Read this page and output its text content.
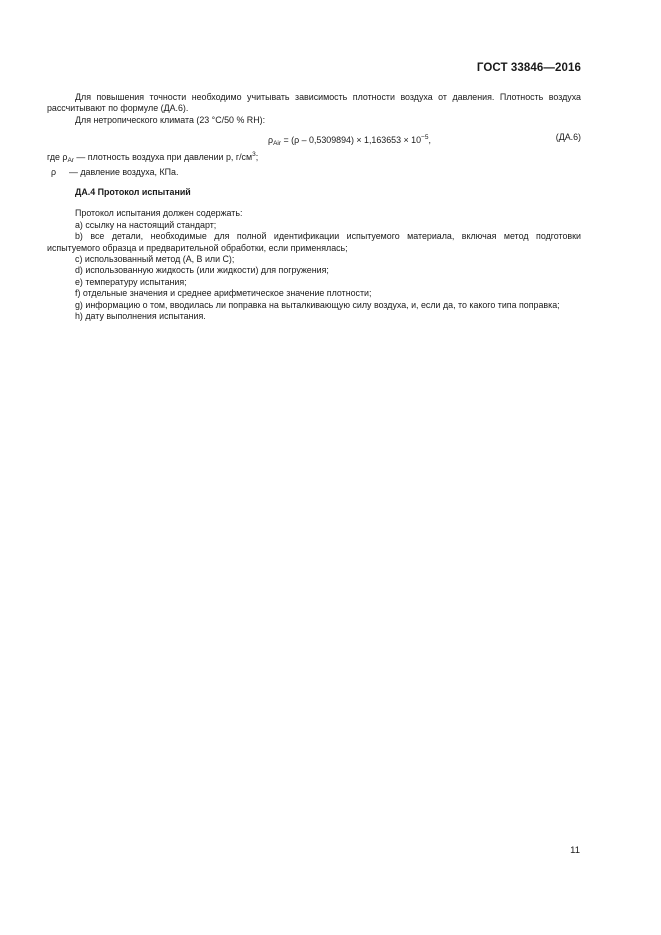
ГОСТ 33846—2016

Для повышения точности необходимо учитывать зависимость плотности воздуха от давления. Плотность воздуха рассчитывают по формуле (ДА.6).

Для нетропического климата (23 °С/50 % RH):

$\rho_{Air} = (\rho - 0,5309894) \times 1,163653 \times 10^{-5}$,	(ДА.6)
где $\rho_{Ar}$ — плотность воздуха при давлении р, $г/см^3$;
ρ — давление воздуха, КПа.
ДА.4 Протокол испытаний

Протокол испытания должен содержать:

а) ссылку на настоящий стандарт;

b) все детали, необходимые для полной идентификации испытуемого материала, включая метод подготовки испытуемого образца и предварительной обработки, если применялась;

с) использованный метод (А, В или С);

d) использованную жидкость (или жидкости) для погружения;

е) температуру испытания;

f) отдельные значения и среднее арифметическое значение плотности;

g) информацию о том, вводилась ли поправка на выталкивающую силу воздуха, и, если да, то какого типа поправка;

h) дату выполнения испытания.

11
